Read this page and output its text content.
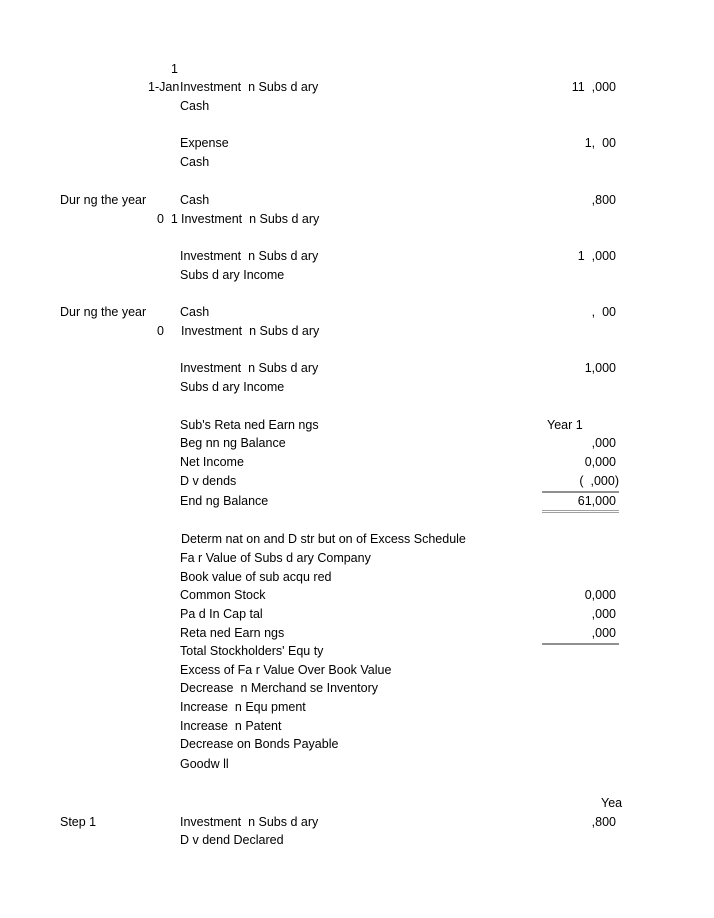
1
1-Jan Investment  n Subs d ary	11  ,000
Cash
Expense	1,  00
Cash
Dur ng the year	Cash	,800
0  1 Investment  n Subs d ary
Investment  n Subs d ary	1  ,000
Subs d ary Income
Dur ng the year	Cash	,  00
0 Investment  n Subs d ary
Investment  n Subs d ary	1,000
Subs d ary Income
Sub's Reta ned Earn ngs	Year 1
Beg nn ng Balance	,000
Net Income	0,000
D v dends	(  ,000)
End ng Balance	61,000
Determ nat on and D str but on of Excess Schedule
Fa r Value of Subs d ary Company
Book value of sub acqu red
Common Stock	0,000
Pa d In Cap tal	,000
Reta ned Earn ngs	,000
Total Stockholders' Equ ty
Excess of Fa r Value Over Book Value
Decrease  n Merchand se Inventory
Increase  n Equ pment
Increase  n Patent
Decrease on Bonds Payable
Goodw ll
Yea
Step 1	Investment  n Subs d ary	,800
D v dend Declared
